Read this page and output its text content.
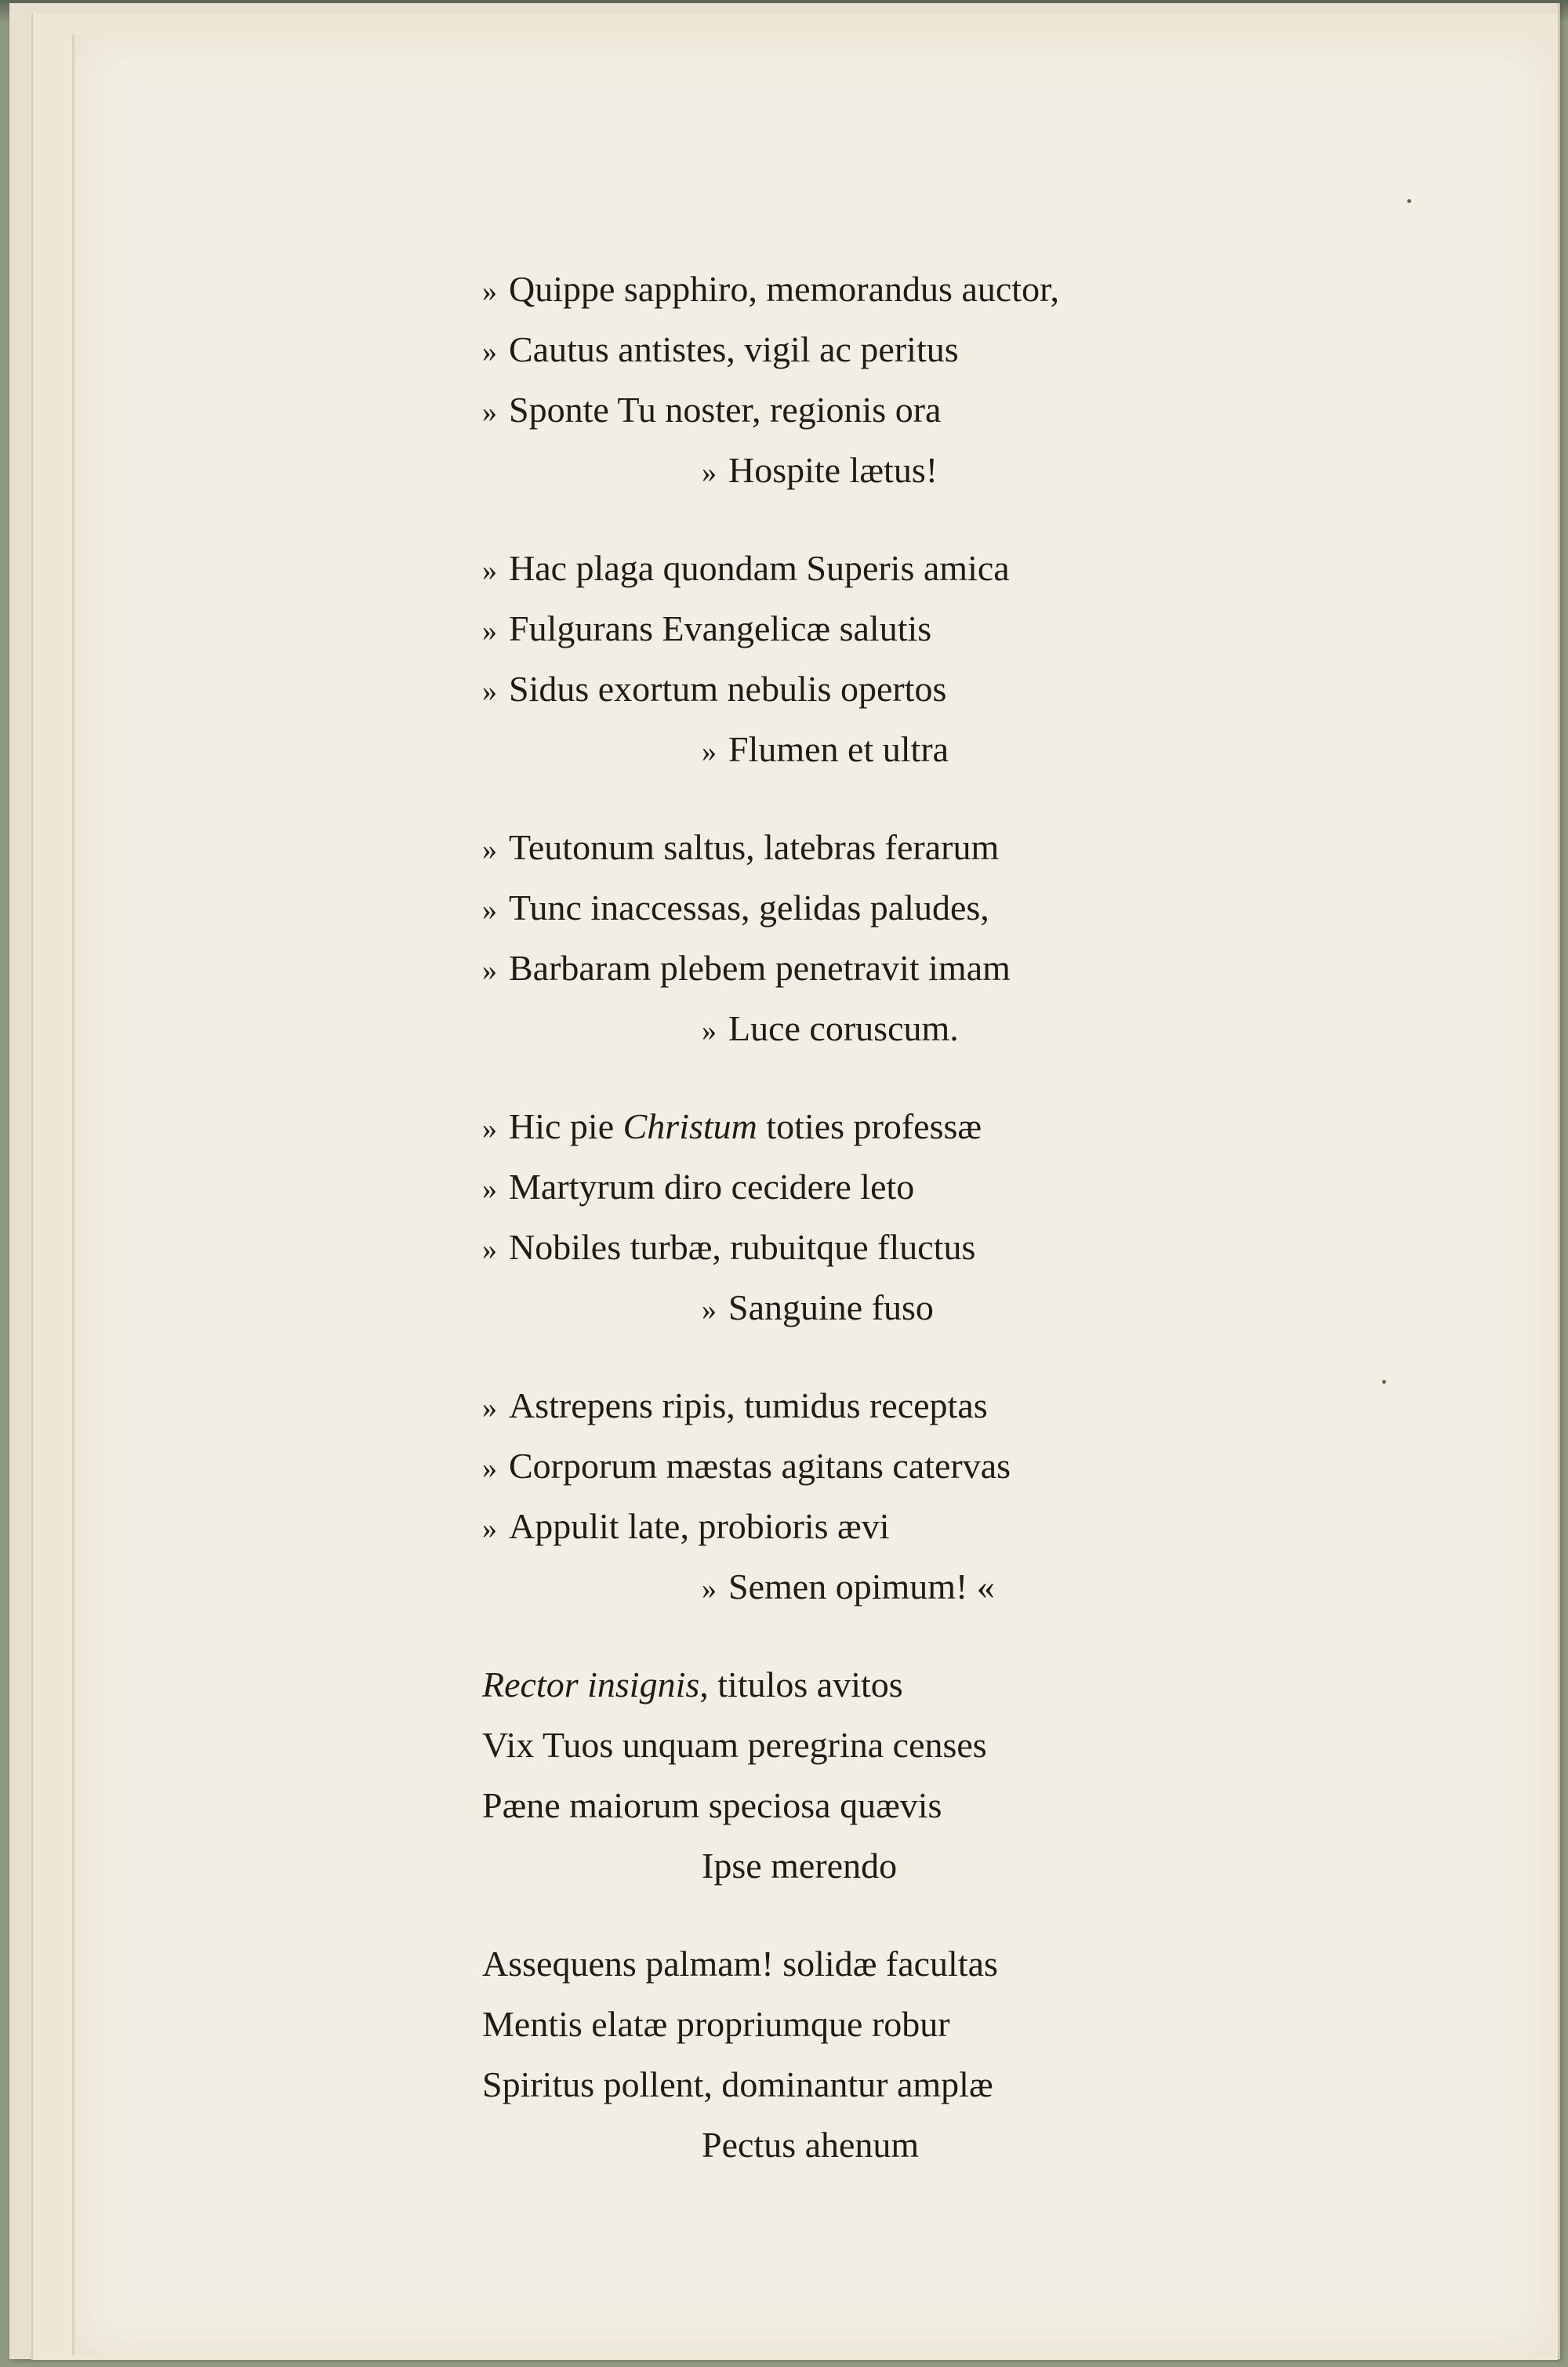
» Quippe sapphiro, memorandus auctor,
» Cautus antistes, vigil ac peritus
» Sponte Tu noster, regionis ora
» Hospite lætus!
» Hac plaga quondam Superis amica
» Fulgurans Evangelicæ salutis
» Sidus exortum nebulis opertos
» Flumen et ultra
» Teutonum saltus, latebras ferarum
» Tunc inaccessas, gelidas paludes,
» Barbaram plebem penetravit imam
» Luce coruscum.
» Hic pie Christum toties professæ
» Martyrum diro cecidere leto
» Nobiles turbæ, rubuitque fluctus
» Sanguine fuso
» Astrepens ripis, tumidus receptas
» Corporum mæstas agitans catervas
» Appulit late, probioris ævi
» Semen opimum! «
Rector insignis, titulos avitos
Vix Tuos unquam peregrina censes
Pæne maiorum speciosa quævis
Ipse merendo
Assequens palmam! solidæ facultas
Mentis elatæ propriumque robur
Spiritus pollent, dominantur amplæ
Pectus ahenum
